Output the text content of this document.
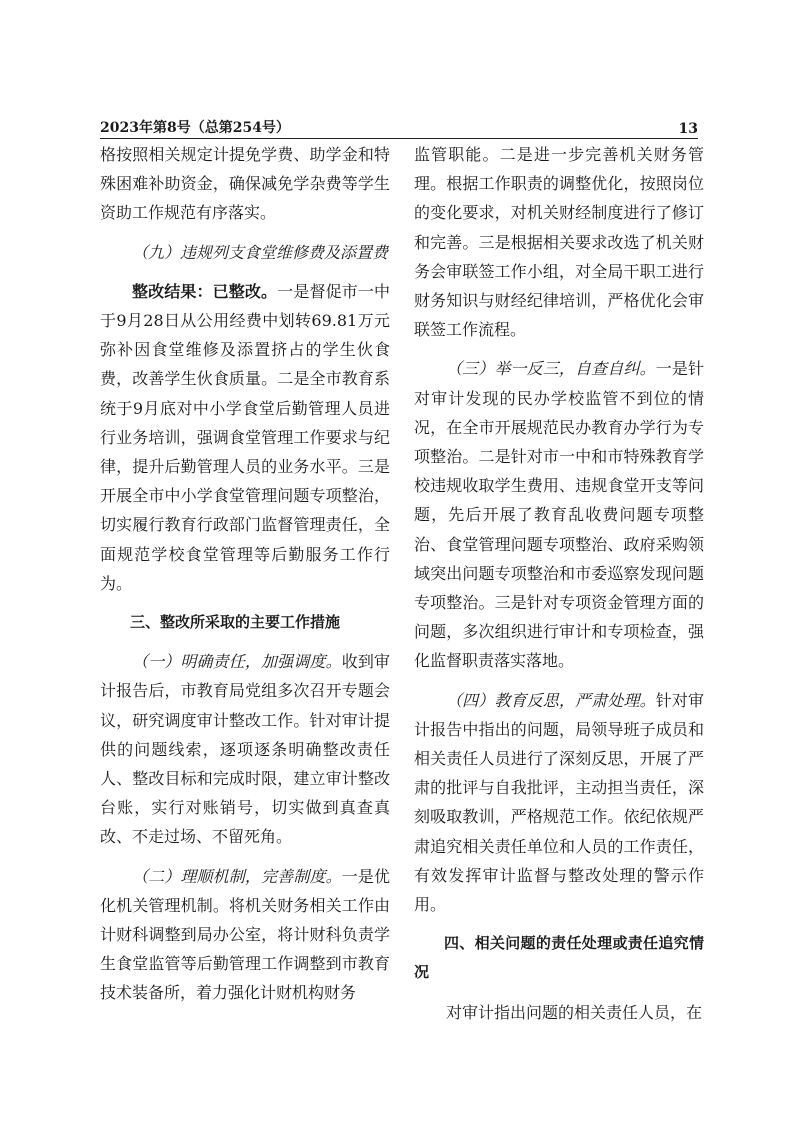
2023年第8号（总第254号）	13

格按照相关规定计提免学费、助学金和特殊困难补助资金，确保减免学杂费等学生资助工作规范有序落实。

（九）违规列支食堂维修费及添置费

整改结果：已整改。一是督促市一中于9月28日从公用经费中划转69.81万元弥补因食堂维修及添置挤占的学生伙食费，改善学生伙食质量。二是全市教育系统于9月底对中小学食堂后勤管理人员进行业务培训，强调食堂管理工作要求与纪律，提升后勤管理人员的业务水平。三是开展全市中小学食堂管理问题专项整治，切实履行教育行政部门监督管理责任，全面规范学校食堂管理等后勤服务工作行为。

三、整改所采取的主要工作措施

（一）明确责任，加强调度。收到审计报告后，市教育局党组多次召开专题会议，研究调度审计整改工作。针对审计提供的问题线索，逐项逐条明确整改责任人、整改目标和完成时限，建立审计整改台账，实行对账销号，切实做到真查真改、不走过场、不留死角。

（二）理顺机制，完善制度。一是优化机关管理机制。将机关财务相关工作由计财科调整到局办公室，将计财科负责学生食堂监管等后勤管理工作调整到市教育技术装备所，着力强化计财机构财务

监管职能。二是进一步完善机关财务管理。根据工作职责的调整优化，按照岗位的变化要求，对机关财经制度进行了修订和完善。三是根据相关要求改选了机关财务会审联签工作小组，对全局干职工进行财务知识与财经纪律培训，严格优化会审联签工作流程。

（三）举一反三，自查自纠。一是针对审计发现的民办学校监管不到位的情况，在全市开展规范民办教育办学行为专项整治。二是针对市一中和市特殊教育学校违规收取学生费用、违规食堂开支等问题，先后开展了教育乱收费问题专项整治、食堂管理问题专项整治、政府采购领域突出问题专项整治和市委巡察发现问题专项整治。三是针对专项资金管理方面的问题，多次组织进行审计和专项检查，强化监督职责落实落地。

（四）教育反思，严肃处理。针对审计报告中指出的问题，局领导班子成员和相关责任人员进行了深刻反思，开展了严肃的批评与自我批评，主动担当责任，深刻吸取教训，严格规范工作。依纪依规严肃追究相关责任单位和人员的工作责任，有效发挥审计监督与整改处理的警示作用。

四、相关问题的责任处理或责任追究情况

对审计指出问题的相关责任人员，在
